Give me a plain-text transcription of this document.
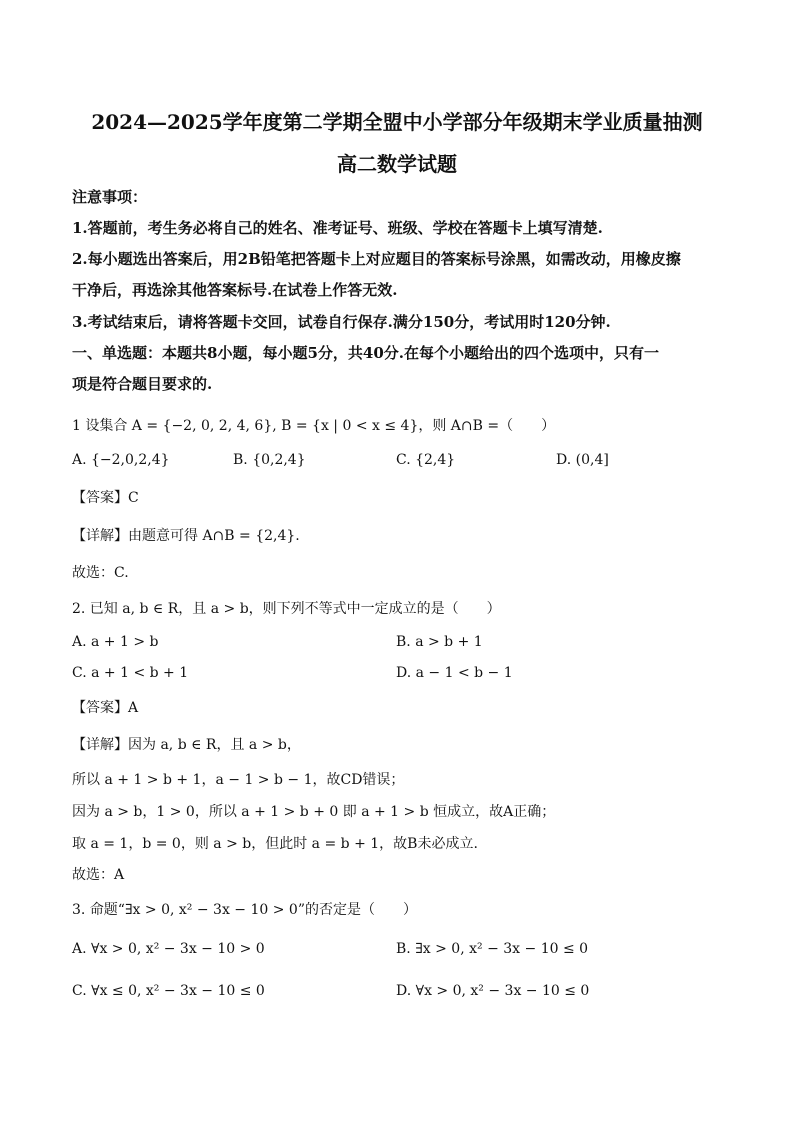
2024—2025学年度第二学期全盟中小学部分年级期末学业质量抽测
高二数学试题
注意事项：
1.答题前，考生务必将自己的姓名、准考证号、班级、学校在答题卡上填写清楚.
2.每小题选出答案后，用2B铅笔把答题卡上对应题目的答案标号涂黑，如需改动，用橡皮擦
干净后，再选涂其他答案标号.在试卷上作答无效.
3.考试结束后，请将答题卡交回，试卷自行保存.满分150分，考试用时120分钟.
一、单选题：本题共8小题，每小题5分，共40分.在每个小题给出的四个选项中，只有一
项是符合题目要求的.
1 设集合 A = {−2, 0, 2, 4, 6}, B = {x | 0 < x ≤ 4}，则 A∩B =（　　）
A. {−2,0,2,4}	B. {0,2,4}	C. {2,4}	D. (0,4]
【答案】C
【详解】由题意可得 A∩B = {2,4}.
故选：C.
2. 已知 a, b ∈ R，且 a > b，则下列不等式中一定成立的是（　　）
A. a + 1 > b	B. a > b + 1
C. a + 1 < b + 1	D. a − 1 < b − 1
【答案】A
【详解】因为 a, b ∈ R，且 a > b，
所以 a + 1 > b + 1，a − 1 > b − 1，故CD错误；
因为 a > b，1 > 0，所以 a + 1 > b + 0 即 a + 1 > b 恒成立，故A正确；
取 a = 1，b = 0，则 a > b，但此时 a = b + 1，故B未必成立.
故选：A
3. 命题“∃x > 0, x² − 3x − 10 > 0”的否定是（　　）
A. ∀x > 0, x² − 3x − 10 > 0	B. ∃x > 0, x² − 3x − 10 ≤ 0
C. ∀x ≤ 0, x² − 3x − 10 ≤ 0	D. ∀x > 0, x² − 3x − 10 ≤ 0
